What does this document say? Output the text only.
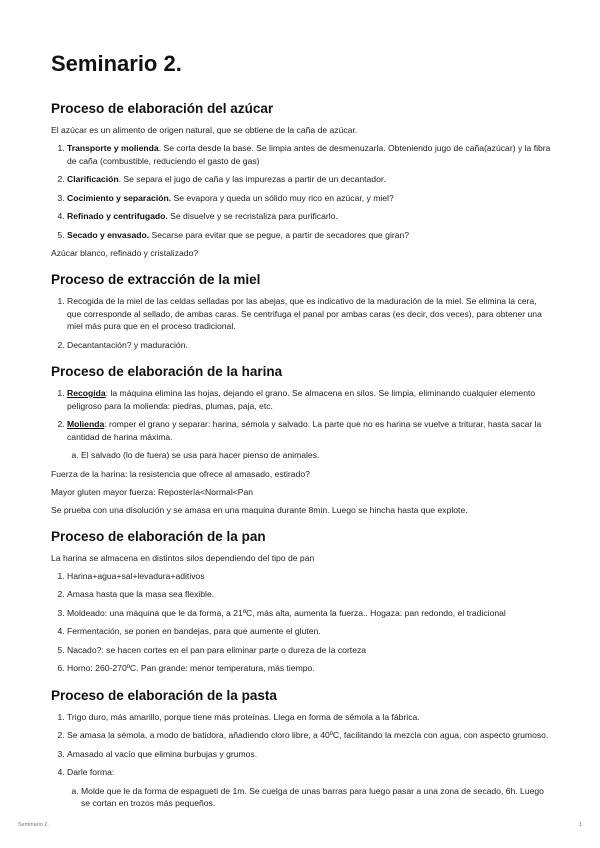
Seminario 2.
Proceso de elaboración del azúcar

El azúcar es un alimento de origen natural, que se obtiene de la caña de azúcar.

1. Transporte y molienda. Se corta desde la base. Se limpia antes de desmenuzarla. Obteniendo jugo de caña(azúcar) y la fibra de caña (combustible, reduciendo el gasto de gas)
2. Clarificación. Se separa el jugo de caña y las impurezas a partir de un decantador.
3. Cocimiento y separación. Se evapora y queda un sólido muy rico en azúcar, y miel?
4. Refinado y centrifugado. Se disuelve y se recristaliza para purificarlo.
5. Secado y envasado. Secarse para evitar que se pegue, a partir de secadores que giran?

Azúcar blanco, refinado y cristalizado?

Proceso de extracción de la miel
1. Recogida de la miel de las celdas selladas por las abejas, que es indicativo de la maduración de la miel. Se elimina la cera, que corresponde al sellado, de ambas caras. Se centrifuga el panal por ambas caras (es decir, dos veces), para obtener una miel más pura que en el proceso tradicional.
2. Decantantación? y maduración.
Proceso de elaboración de la harina
1. Recogida: la máquina elimina las hojas, dejando el grano. Se almacena en silos. Se limpia, eliminando cualquier elemento peligroso para la molienda: piedras, plumas, paja, etc.
2. Molienda: romper el grano y separar: harina, sémola y salvado. La parte que no es harina se vuelve a triturar, hasta sacar la cantidad de harina máxima.
a. El salvado (lo de fuera) se usa para hacer pienso de animales.

Fuerza de la harina: la resistencia que ofrece al amasado, estirado?

Mayor gluten mayor fuerza: Repostería<Normal<Pan

Se prueba con una disolución y se amasa en una maquina durante 8min. Luego se hincha hasta que explote.

Proceso de elaboración de la pan

La harina se almacena en distintos silos dependiendo del tipo de pan

1. Harina+agua+sal+levadura+aditivos
2. Amasa hasta que la masa sea flexible.
3. Moldeado: una máquina que le da forma, a 21ºC, más alta, aumenta la fuerza.. Hogaza: pan redondo, el tradicional
4. Fermentación, se ponen en bandejas, para que aumente el gluten.
5. Nacado?: se hacen cortes en el pan para eliminar parte o dureza de la corteza
6. Horno: 260-270ºC. Pan grande: menor temperatura, más tiempo.
Proceso de elaboración de la pasta
1. Trigo duro, más amarillo, porque tiene más proteínas. Llega en forma de sémola a la fábrica.
2. Se amasa la sémola, a modo de batidora, añadiendo cloro libre, a 40ºC, facilitando la mezcla con agua, con aspecto grumoso.
3. Amasado al vacío que elimina burbujas y grumos.
4. Darle forma:
a. Molde que le da forma de espagueti de 1m. Se cuelga de unas barras para luego pasar a una zona de secado, 6h. Luego se cortan en trozos más pequeños.
Seminario 2.	1
